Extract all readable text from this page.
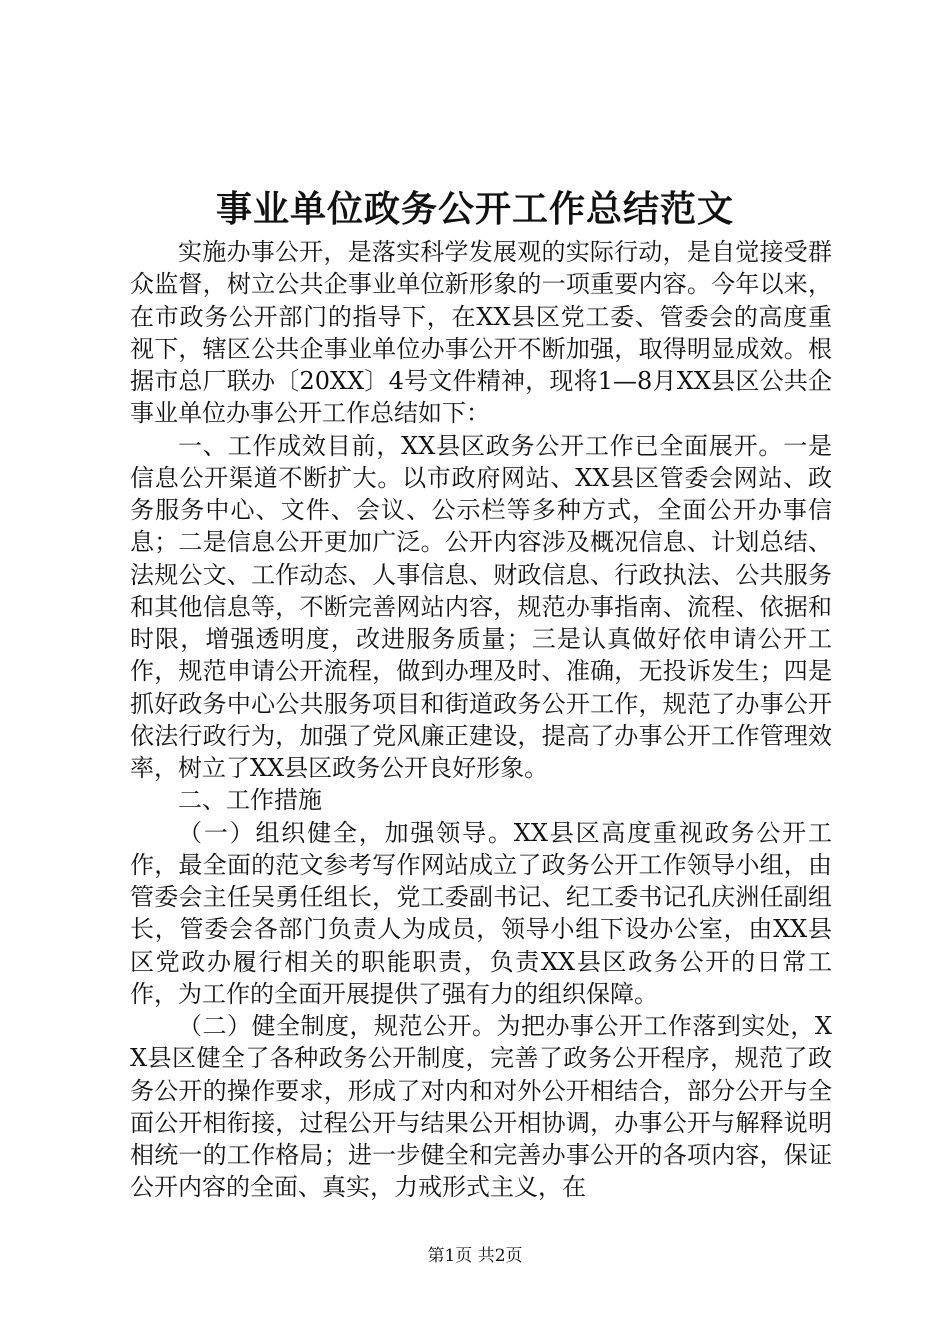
事业单位政务公开工作总结范文

实施办事公开，是落实科学发展观的实际行动，是自觉接受群众监督，树立公共企事业单位新形象的一项重要内容。今年以来，在市政务公开部门的指导下，在XX县区党工委、管委会的高度重视下，辖区公共企事业单位办事公开不断加强，取得明显成效。根据市总厂联办〔20XX〕4号文件精神，现将1—8月XX县区公共企事业单位办事公开工作总结如下：

一、工作成效目前，XX县区政务公开工作已全面展开。一是信息公开渠道不断扩大。以市政府网站、XX县区管委会网站、政务服务中心、文件、会议、公示栏等多种方式，全面公开办事信息；二是信息公开更加广泛。公开内容涉及概况信息、计划总结、法规公文、工作动态、人事信息、财政信息、行政执法、公共服务和其他信息等，不断完善网站内容，规范办事指南、流程、依据和时限，增强透明度，改进服务质量；三是认真做好依申请公开工作，规范申请公开流程，做到办理及时、准确，无投诉发生；四是抓好政务中心公共服务项目和街道政务公开工作，规范了办事公开依法行政行为，加强了党风廉正建设，提高了办事公开工作管理效率，树立了XX县区政务公开良好形象。

二、工作措施

（一）组织健全，加强领导。XX县区高度重视政务公开工作，最全面的范文参考写作网站成立了政务公开工作领导小组，由管委会主任吴勇任组长，党工委副书记、纪工委书记孔庆洲任副组长，管委会各部门负责人为成员，领导小组下设办公室，由XX县区党政办履行相关的职能职责，负责XX县区政务公开的日常工作，为工作的全面开展提供了强有力的组织保障。

（二）健全制度，规范公开。为把办事公开工作落到实处，XX县区健全了各种政务公开制度，完善了政务公开程序，规范了政务公开的操作要求，形成了对内和对外公开相结合，部分公开与全面公开相衔接，过程公开与结果公开相协调，办事公开与解释说明相统一的工作格局；进一步健全和完善办事公开的各项内容，保证公开内容的全面、真实，力戒形式主义，在

第1页 共2页
